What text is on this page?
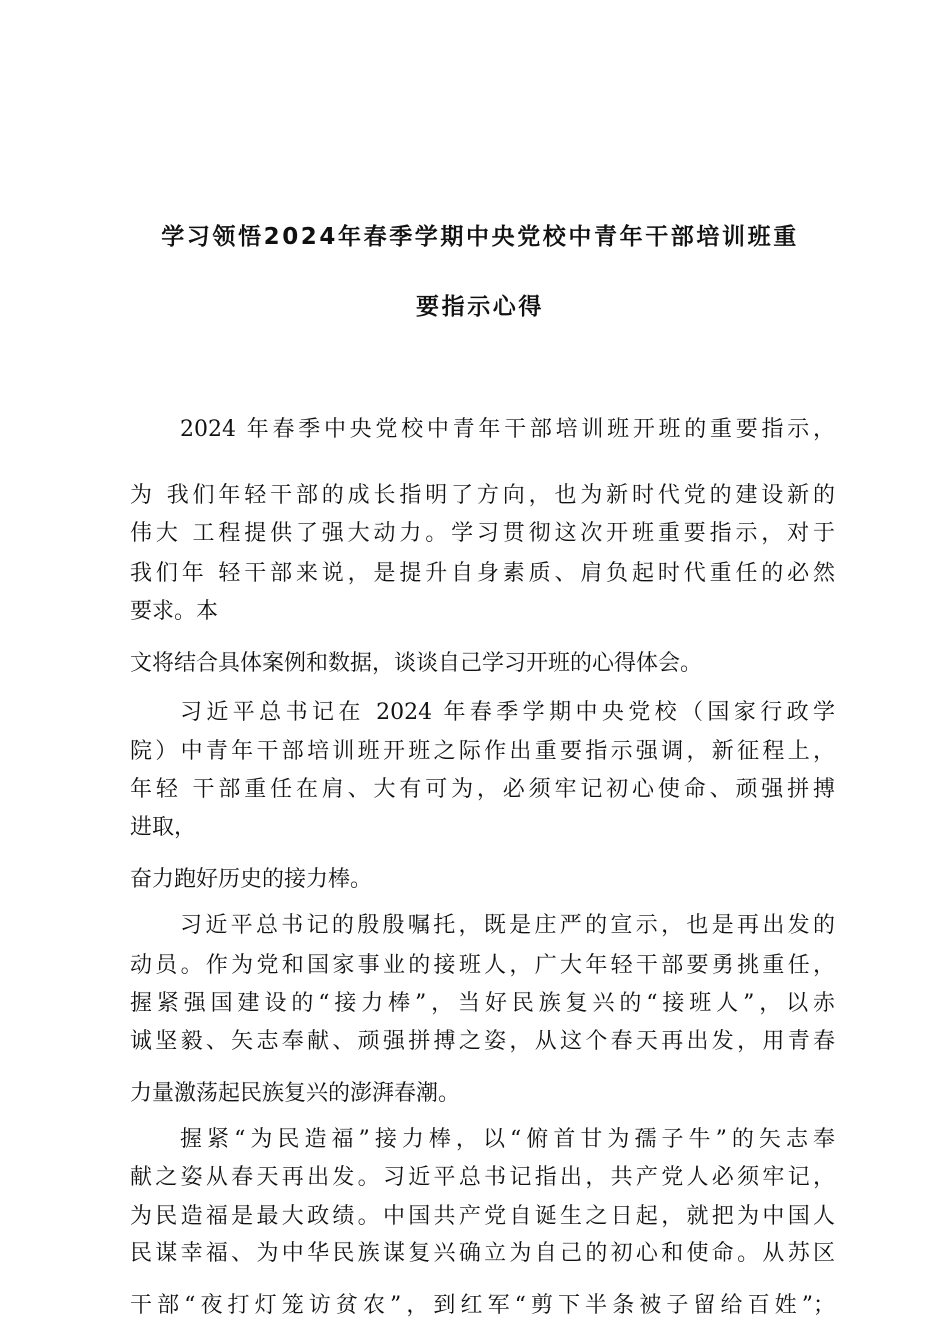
学习领悟2024年春季学期中央党校中青年干部培训班重
要指示心得
2024 年春季中央党校中青年干部培训班开班的重要指示，
为 我们年轻干部的成长指明了方向，也为新时代党的建设新的
伟大 工程提供了强大动力。学习贯彻这次开班重要指示，对于
我们年 轻干部来说，是提升自身素质、肩负起时代重任的必然
要求。本
文将结合具体案例和数据，谈谈自己学习开班的心得体会。
习近平总书记在 2024 年春季学期中央党校（国家行政学
院）中青年干部培训班开班之际作出重要指示强调，新征程上，
年轻 干部重任在肩、大有可为，必须牢记初心使命、顽强拼搏
进取，
奋力跑好历史的接力棒。
习近平总书记的殷殷嘱托，既是庄严的宣示，也是再出发的
动员。作为党和国家事业的接班人，广大年轻干部要勇挑重任，
握紧强国建设的“接力棒”，当好民族复兴的“接班人”，以赤
诚坚毅、矢志奉献、顽强拼搏之姿，从这个春天再出发，用青春
力量激荡起民族复兴的澎湃春潮。
握紧“为民造福”接力棒，以“俯首甘为孺子牛”的矢志奉
献之姿从春天再出发。习近平总书记指出，共产党人必须牢记，
为民造福是最大政绩。中国共产党自诞生之日起，就把为中国人
民谋幸福、为中华民族谋复兴确立为自己的初心和使命。从苏区
干部“夜打灯笼访贫农”，到红军“剪下半条被子留给百姓”；
